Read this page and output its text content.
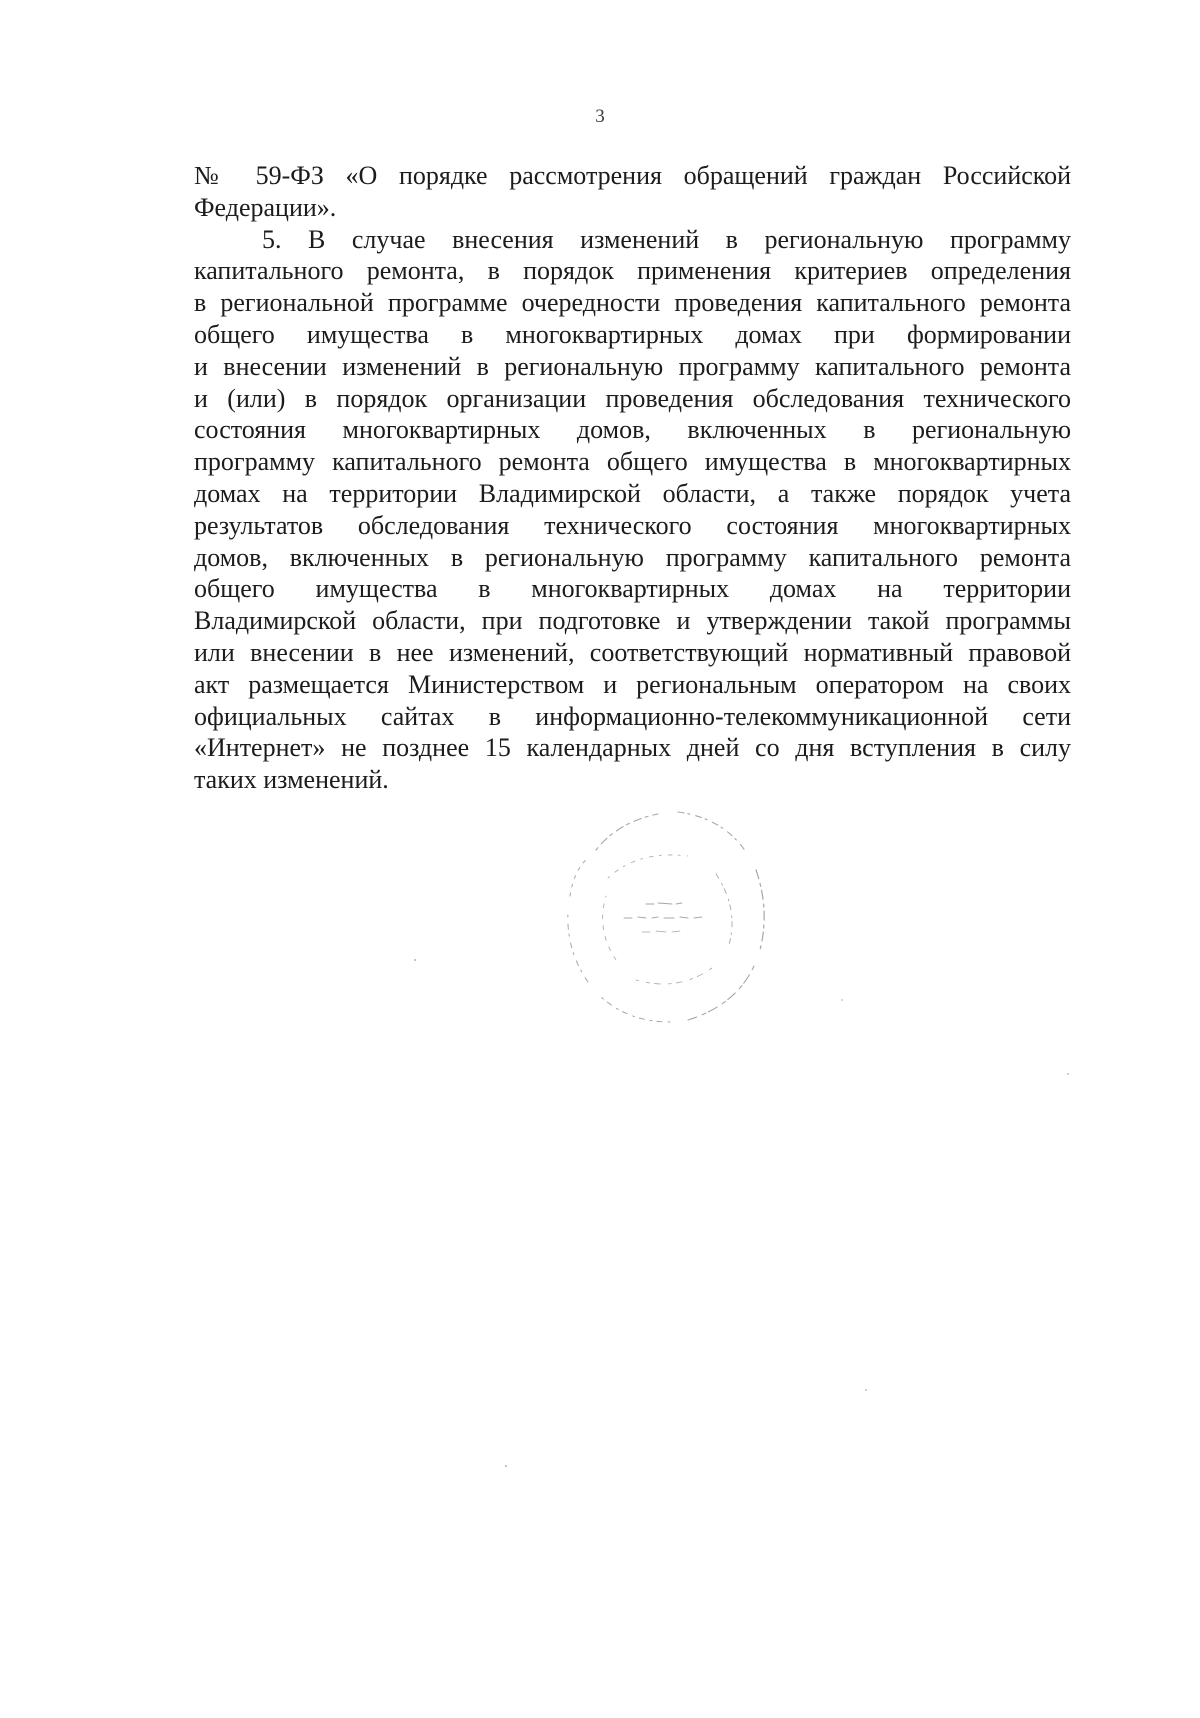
3
№ 59-ФЗ «О порядке рассмотрения обращений граждан Российской
Федерации».
5. В случае внесения изменений в региональную программу
капитального ремонта, в порядок применения критериев определения
в региональной программе очередности проведения капитального ремонта
общего имущества в многоквартирных домах при формировании
и внесении изменений в региональную программу капитального ремонта
и (или) в порядок организации проведения обследования технического
состояния многоквартирных домов, включенных в региональную
программу капитального ремонта общего имущества в многоквартирных
домах на территории Владимирской области, а также порядок учета
результатов обследования технического состояния многоквартирных
домов, включенных в региональную программу капитального ремонта
общего имущества в многоквартирных домах на территории
Владимирской области, при подготовке и утверждении такой программы
или внесении в нее изменений, соответствующий нормативный правовой
акт размещается Министерством и региональным оператором на своих
официальных сайтах в информационно-телекоммуникационной сети
«Интернет» не позднее 15 календарных дней со дня вступления в силу
таких изменений.
